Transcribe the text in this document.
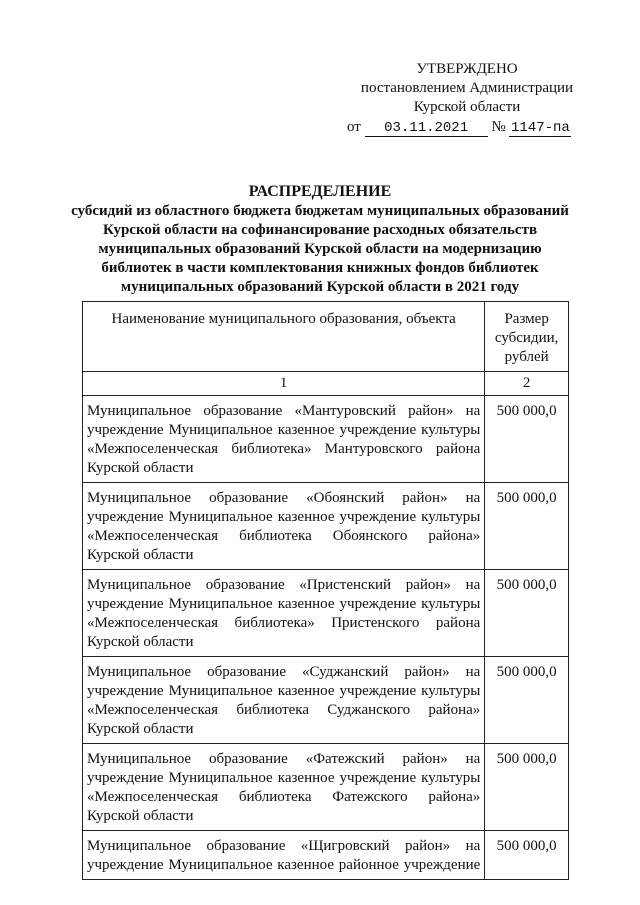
УТВЕРЖДЕНО
постановлением Администрации
Курской области
от 03.11.2021 № 1147-па
РАСПРЕДЕЛЕНИЕ
субсидий из областного бюджета бюджетам муниципальных образований
Курской области на софинансирование расходных обязательств
муниципальных образований Курской области на модернизацию
библиотек в части комплектования книжных фондов библиотек
муниципальных образований Курской области в 2021 году
Наименование муниципального образования, объекта	Размер субсидии, рублей
1	2
Муниципальное образование «Мантуровский район» на учреждение Муниципальное казенное учреждение культуры «Межпоселенческая библиотека» Мантуровского района
Курской области	500 000,0
Муниципальное образование «Обоянский район» на учреждение Муниципальное казенное учреждение культуры «Межпоселенческая библиотека Обоянского района»
Курской области	500 000,0
Муниципальное образование «Пристенский район» на учреждение Муниципальное казенное учреждение культуры «Межпоселенческая библиотека» Пристенского района
Курской области	500 000,0
Муниципальное образование «Суджанский район» на учреждение Муниципальное казенное учреждение культуры «Межпоселенческая библиотека Суджанского района»
Курской области	500 000,0
Муниципальное образование «Фатежский район» на учреждение Муниципальное казенное учреждение культуры «Межпоселенческая библиотека Фатежского района»
Курской области	500 000,0
Муниципальное образование «Щигровский район» на учреждение Муниципальное казенное районное учреждение	500 000,0
